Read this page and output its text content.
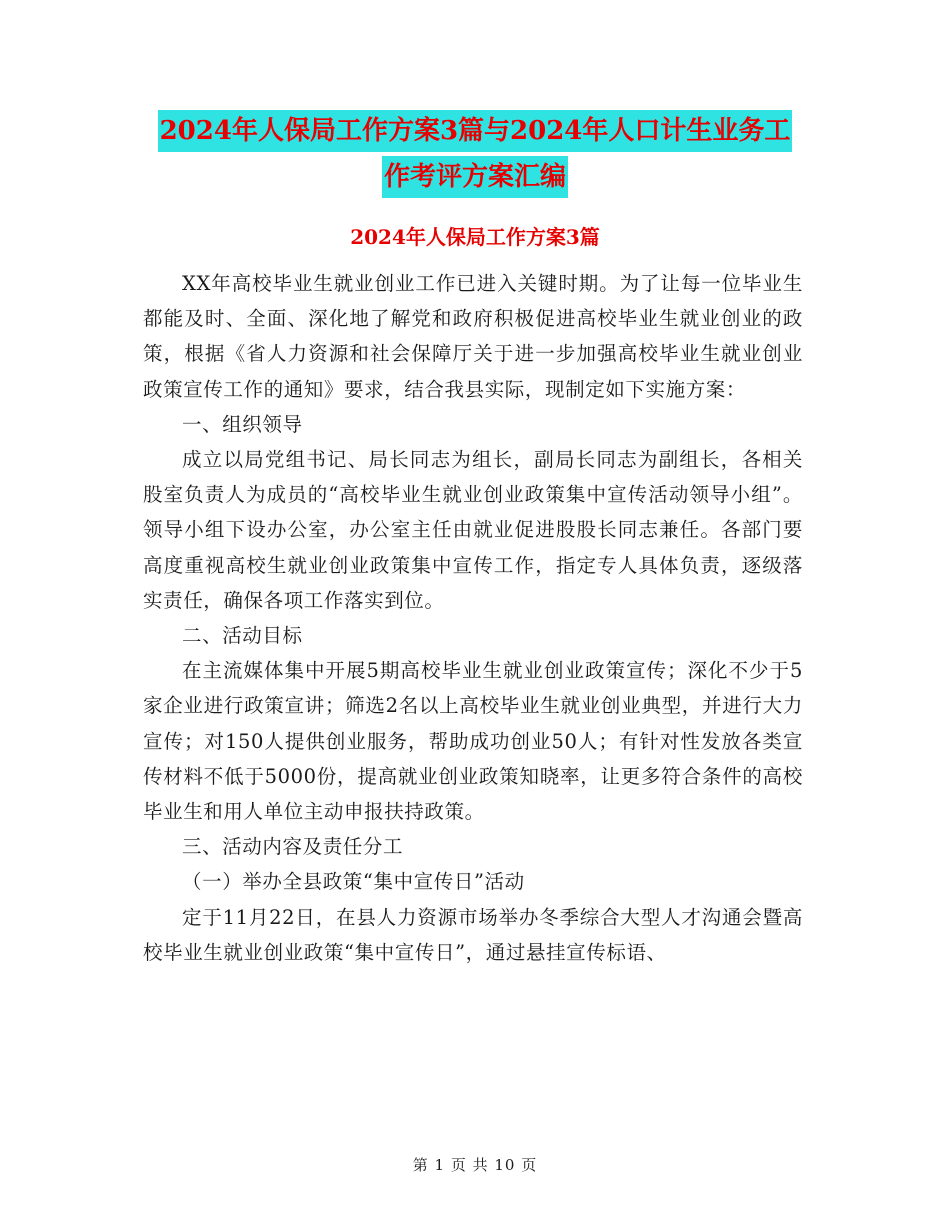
2024年人保局工作方案3篇与2024年人口计生业务工
作考评方案汇编
2024年人保局工作方案3篇

XX年高校毕业生就业创业工作已进入关键时期。为了让每一位毕业生都能及时、全面、深化地了解党和政府积极促进高校毕业生就业创业的政策，根据《省人力资源和社会保障厅关于进一步加强高校毕业生就业创业政策宣传工作的通知》要求，结合我县实际，现制定如下实施方案：

一、组织领导

成立以局党组书记、局长同志为组长，副局长同志为副组长，各相关股室负责人为成员的“高校毕业生就业创业政策集中宣传活动领导小组”。领导小组下设办公室，办公室主任由就业促进股股长同志兼任。各部门要高度重视高校生就业创业政策集中宣传工作，指定专人具体负责，逐级落实责任，确保各项工作落实到位。

二、活动目标

在主流媒体集中开展5期高校毕业生就业创业政策宣传；深化不少于5家企业进行政策宣讲；筛选2名以上高校毕业生就业创业典型，并进行大力宣传；对150人提供创业服务，帮助成功创业50人；有针对性发放各类宣传材料不低于5000份，提高就业创业政策知晓率，让更多符合条件的高校毕业生和用人单位主动申报扶持政策。

三、活动内容及责任分工

（一）举办全县政策“集中宣传日”活动

定于11月22日，在县人力资源市场举办冬季综合大型人才沟通会暨高校毕业生就业创业政策“集中宣传日”，通过悬挂宣传标语、

第 1 页 共 10 页
